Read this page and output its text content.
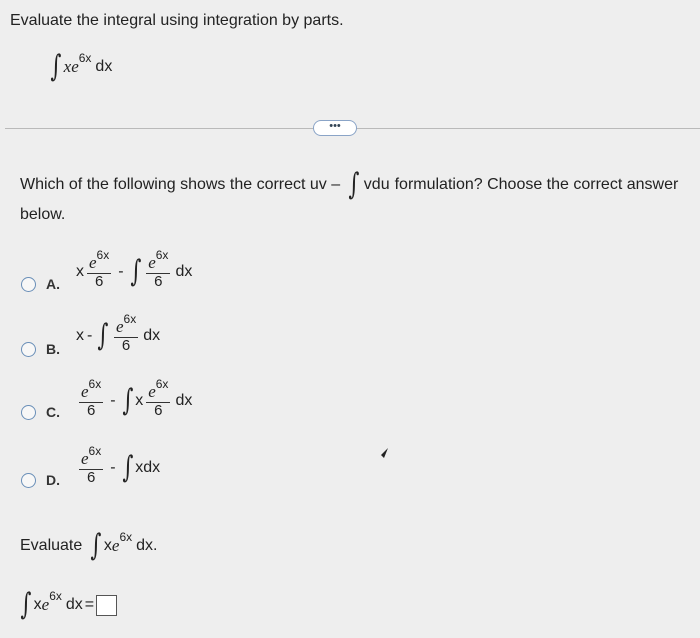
Evaluate the integral using integration by parts.
∫ x e 6x dx
•••
Which of the following shows the correct uv – ∫ v du formulation? Choose the correct answer
below.
A.
x $\frac{e^{6x}}{6}$ - ∫ $\frac{e^{6x}}{6}$ dx
B.
x - ∫ $\frac{e^{6x}}{6}$ dx
C. $\frac{e^{6x}}{6}$ - ∫ x $\frac{e^{6x}}{6}$ dx
D. $\frac{e^{6x}}{6}$ - ∫ x dx
Evaluate ∫ x e 6x dx .
∫ x e 6x dx =
